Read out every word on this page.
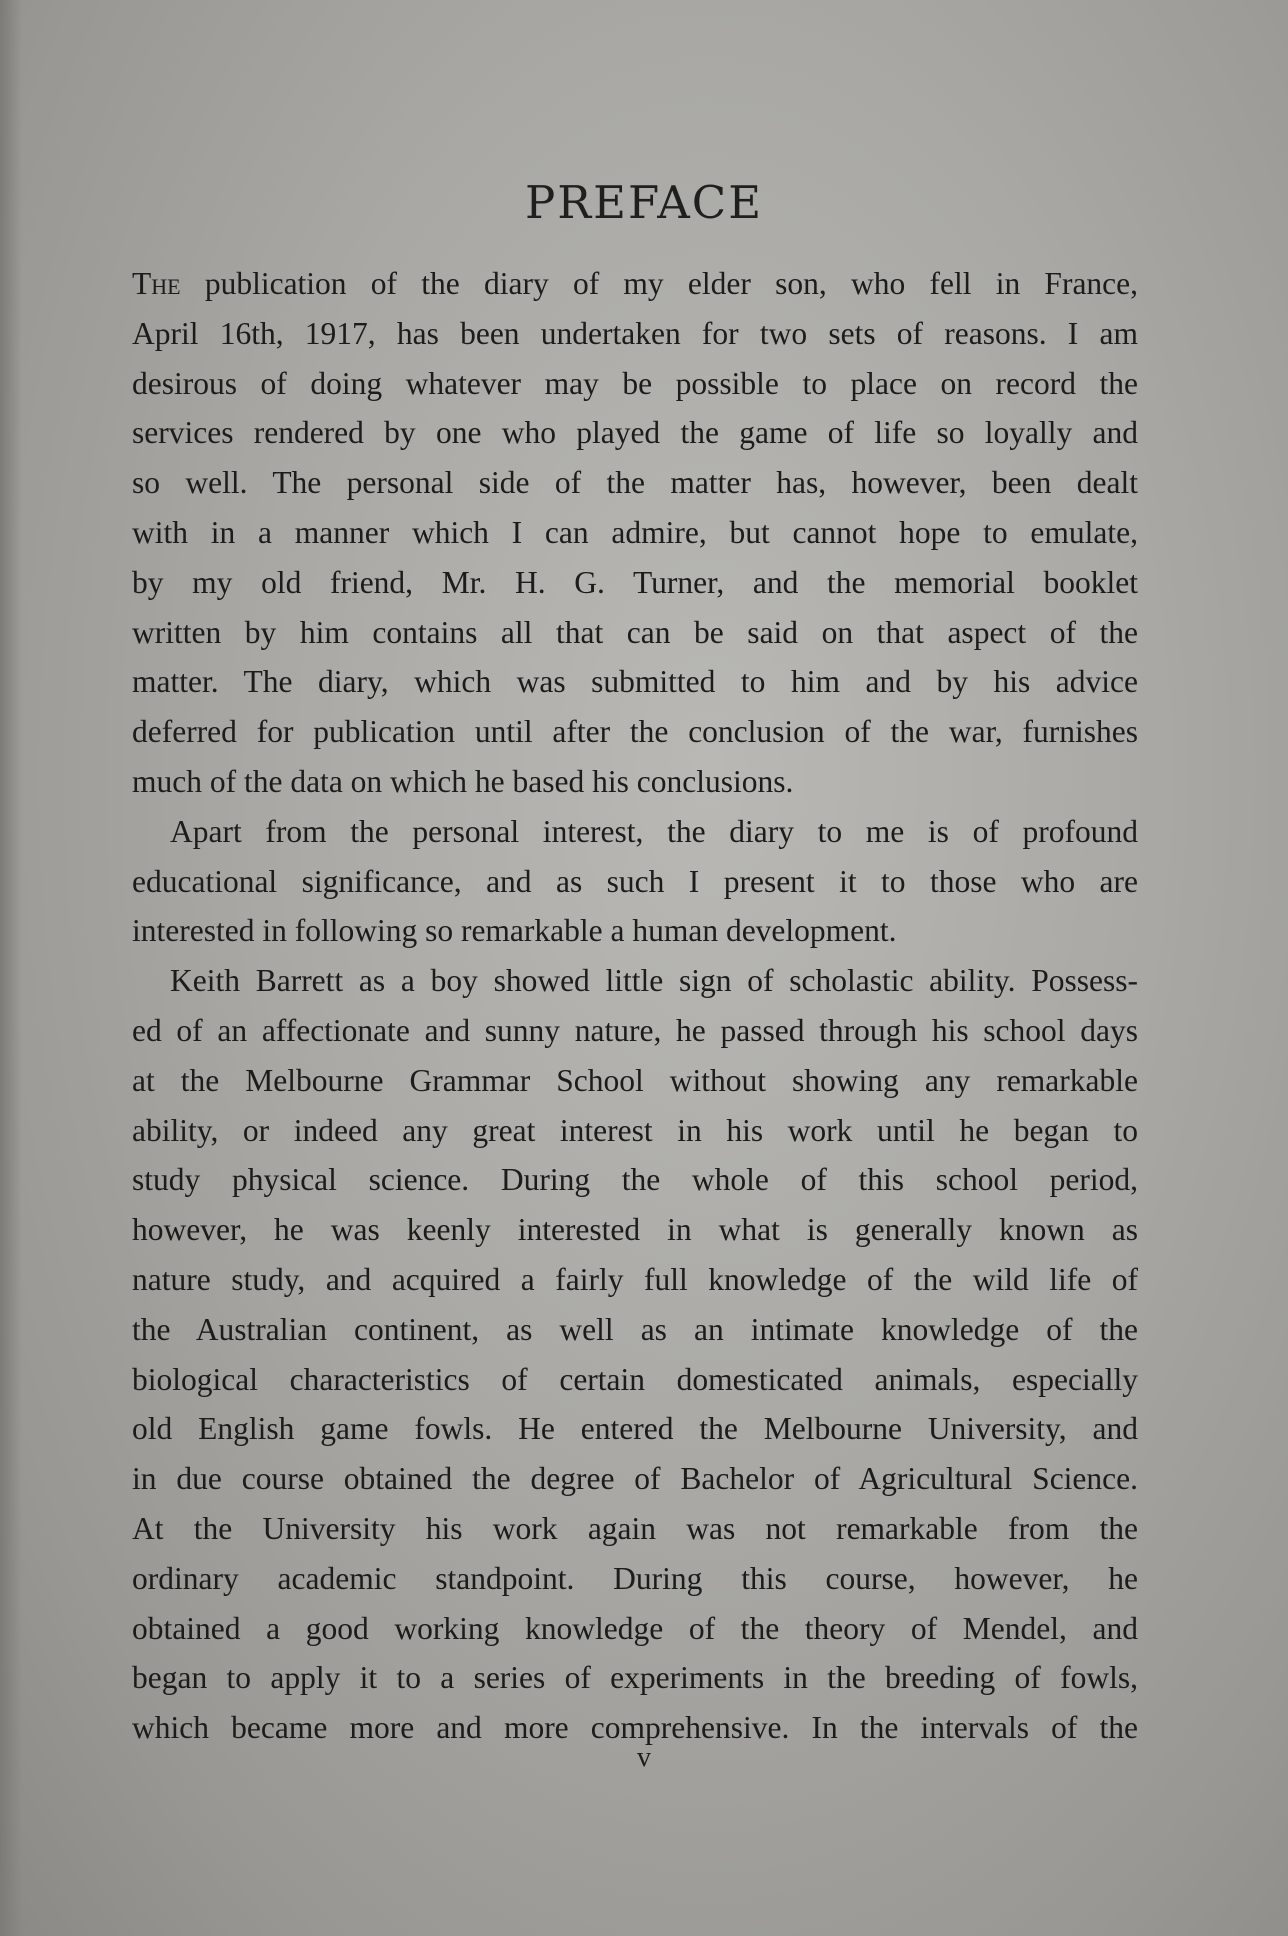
PREFACE

The publication of the diary of my elder son, who fell in France,
April 16th, 1917, has been undertaken for two sets of reasons. I am
desirous of doing whatever may be possible to place on record the
services rendered by one who played the game of life so loyally and
so well. The personal side of the matter has, however, been dealt
with in a manner which I can admire, but cannot hope to emulate,
by my old friend, Mr. H. G. Turner, and the memorial booklet
written by him contains all that can be said on that aspect of the
matter. The diary, which was submitted to him and by his advice
deferred for publication until after the conclusion of the war, furnishes
much of the data on which he based his conclusions.

Apart from the personal interest, the diary to me is of profound
educational significance, and as such I present it to those who are
interested in following so remarkable a human development.

Keith Barrett as a boy showed little sign of scholastic ability. Possess-
ed of an affectionate and sunny nature, he passed through his school days
at the Melbourne Grammar School without showing any remarkable
ability, or indeed any great interest in his work until he began to
study physical science. During the whole of this school period,
however, he was keenly interested in what is generally known as
nature study, and acquired a fairly full knowledge of the wild life of
the Australian continent, as well as an intimate knowledge of the
biological characteristics of certain domesticated animals, especially
old English game fowls. He entered the Melbourne University, and
in due course obtained the degree of Bachelor of Agricultural Science.
At the University his work again was not remarkable from the
ordinary academic standpoint. During this course, however, he
obtained a good working knowledge of the theory of Mendel, and
began to apply it to a series of experiments in the breeding of fowls,
which became more and more comprehensive. In the intervals of the

v
